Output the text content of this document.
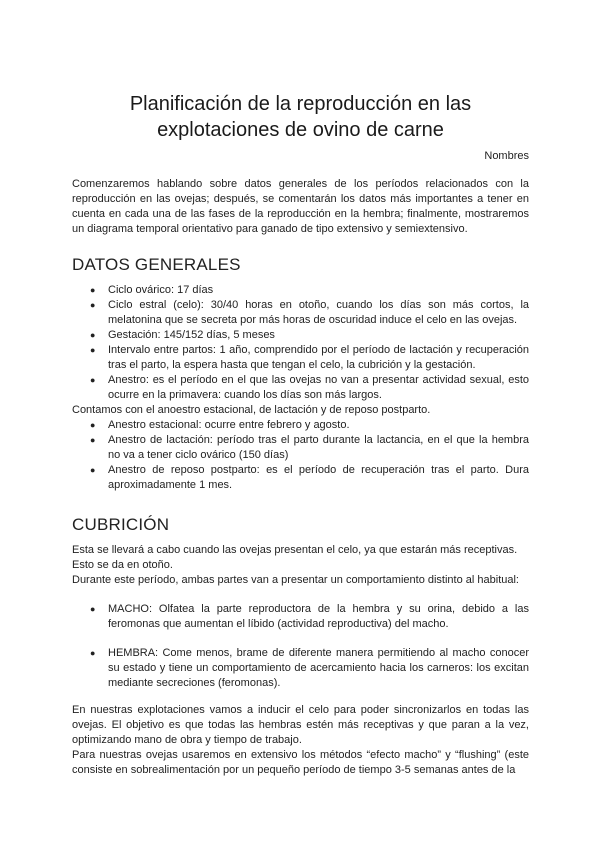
Planificación de la reproducción en las
explotaciones de ovino de carne
Nombres

Comenzaremos hablando sobre datos generales de los períodos relacionados con la reproducción en las ovejas; después, se comentarán los datos más importantes a tener en cuenta en cada una de las fases de la reproducción en la hembra; finalmente, mostraremos un diagrama temporal orientativo para ganado de tipo extensivo y semiextensivo.

DATOS GENERALES
● Ciclo ovárico: 17 días
● Ciclo estral (celo): 30/40 horas en otoño, cuando los días son más cortos, la melatonina que se secreta por más horas de oscuridad induce el celo en las ovejas.
● Gestación: 145/152 días, 5 meses
● Intervalo entre partos: 1 año, comprendido por el período de lactación y recuperación tras el parto, la espera hasta que tengan el celo, la cubrición y la gestación.
● Anestro: es el período en el que las ovejas no van a presentar actividad sexual, esto ocurre en la primavera: cuando los días son más largos.

Contamos con el anoestro estacional, de lactación y de reposo postparto.

● Anestro estacional: ocurre entre febrero y agosto.
● Anestro de lactación: período tras el parto durante la lactancia, en el que la hembra no va a tener ciclo ovárico (150 días)
● Anestro de reposo postparto: es el período de recuperación tras el parto. Dura aproximadamente 1 mes.
CUBRICIÓN

Esta se llevará a cabo cuando las ovejas presentan el celo, ya que estarán más receptivas.

Esto se da en otoño.

Durante este período, ambas partes van a presentar un comportamiento distinto al habitual:

● MACHO: Olfatea la parte reproductora de la hembra y su orina, debido a las feromonas que aumentan el líbido (actividad reproductiva) del macho.
● HEMBRA: Come menos, brame de diferente manera permitiendo al macho conocer su estado y tiene un comportamiento de acercamiento hacia los carneros: los excitan mediante secreciones (feromonas).

En nuestras explotaciones vamos a inducir el celo para poder sincronizarlos en todas las ovejas. El objetivo es que todas las hembras estén más receptivas y que paran a la vez, optimizando mano de obra y tiempo de trabajo.

Para nuestras ovejas usaremos en extensivo los métodos “efecto macho” y “flushing” (este consiste en sobrealimentación por un pequeño período de tiempo 3-5 semanas antes de la
